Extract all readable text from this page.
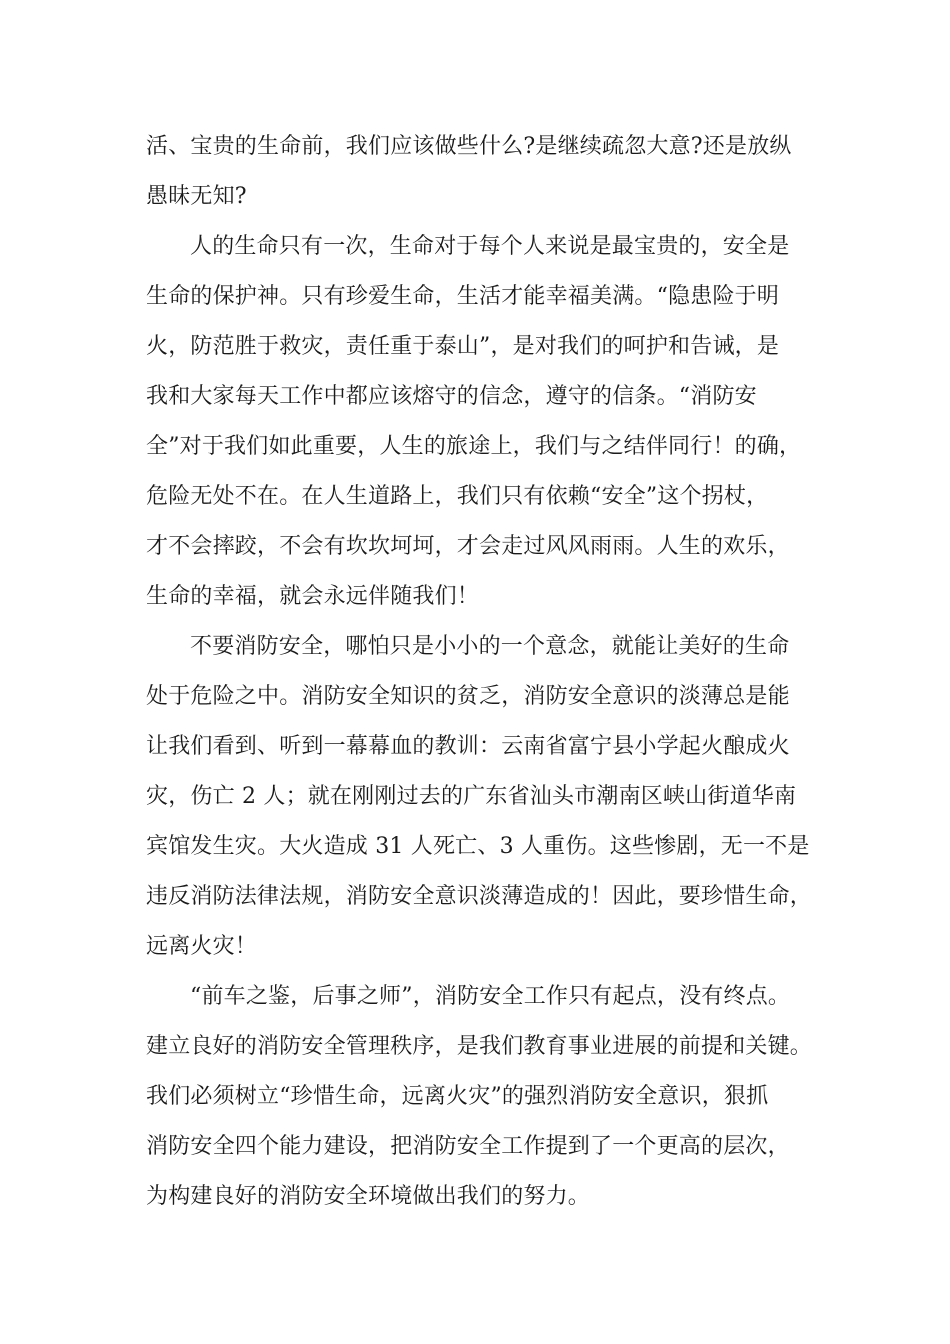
活、宝贵的生命前，我们应该做些什么?是继续疏忽大意?还是放纵
愚昧无知?
人的生命只有一次，生命对于每个人来说是最宝贵的，安全是
生命的保护神。只有珍爱生命，生活才能幸福美满。“隐患险于明
火，防范胜于救灾，责任重于泰山”，是对我们的呵护和告诫，是
我和大家每天工作中都应该熔守的信念，遵守的信条。“消防安
全”对于我们如此重要，人生的旅途上，我们与之结伴同行！的确，
危险无处不在。在人生道路上，我们只有依赖“安全”这个拐杖，
才不会摔跤，不会有坎坎坷坷，才会走过风风雨雨。人生的欢乐，
生命的幸福，就会永远伴随我们！
不要消防安全，哪怕只是小小的一个意念，就能让美好的生命
处于危险之中。消防安全知识的贫乏，消防安全意识的淡薄总是能
让我们看到、听到一幕幕血的教训：云南省富宁县小学起火酿成火
灾，伤亡 2 人；就在刚刚过去的广东省汕头市潮南区峡山街道华南
宾馆发生灾。大火造成 31 人死亡、3 人重伤。这些惨剧，无一不是
违反消防法律法规，消防安全意识淡薄造成的！因此，要珍惜生命，
远离火灾！
“前车之鉴，后事之师”，消防安全工作只有起点，没有终点。
建立良好的消防安全管理秩序，是我们教育事业进展的前提和关键。
我们必须树立“珍惜生命，远离火灾”的强烈消防安全意识，狠抓
消防安全四个能力建设，把消防安全工作提到了一个更高的层次，
为构建良好的消防安全环境做出我们的努力。
